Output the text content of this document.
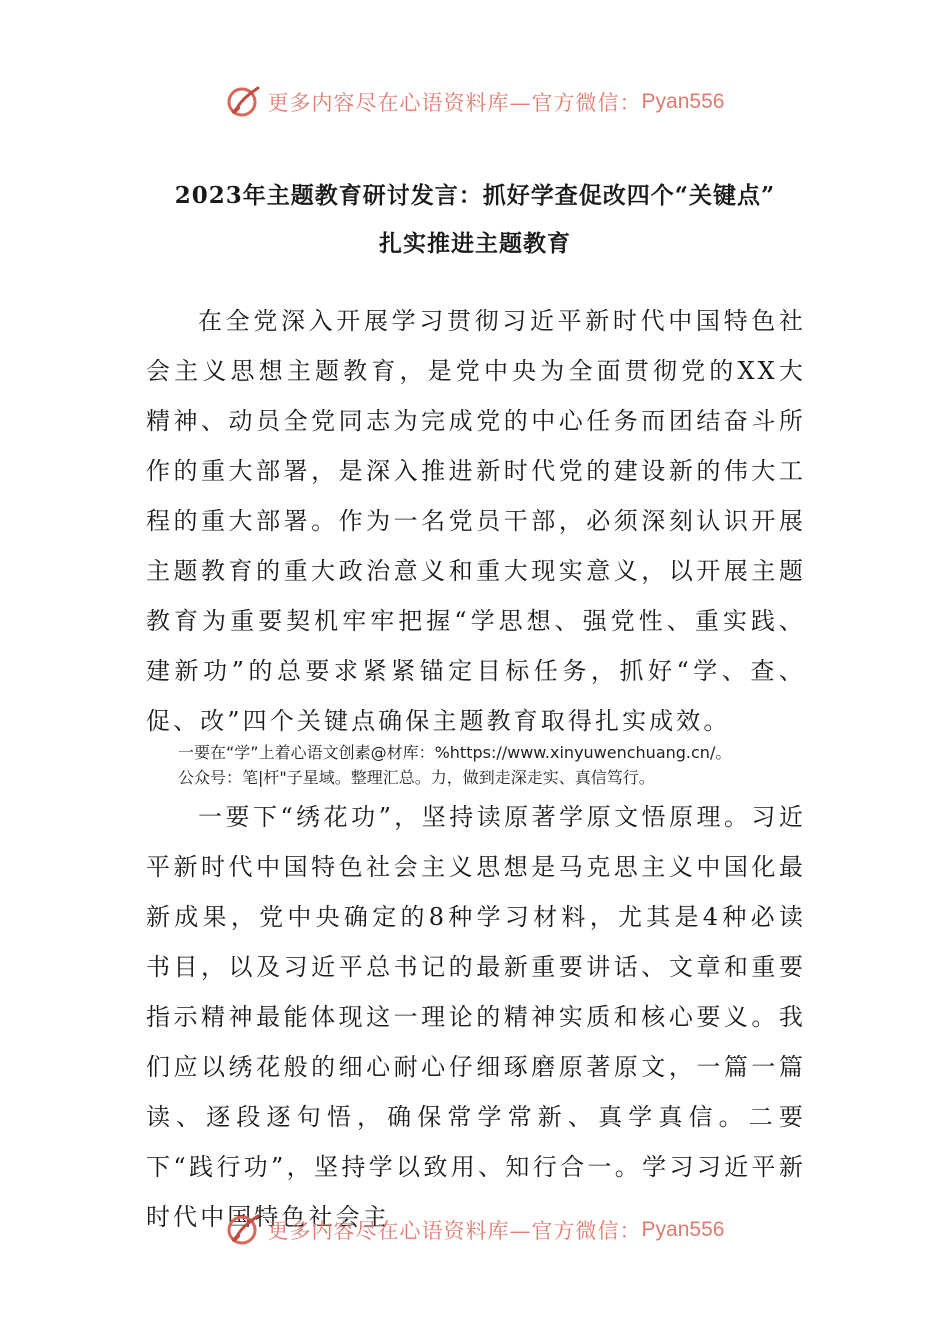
更多内容尽在心语资料库—官方微信： Pyan556
2023年主题教育研讨发言：抓好学查促改四个“关键点”
扎实推进主题教育

在全党深入开展学习贯彻习近平新时代中国特色社会主义思想主题教育，是党中央为全面贯彻党的XX大精神、动员全党同志为完成党的中心任务而团结奋斗所作的重大部署，是深入推进新时代党的建设新的伟大工程的重大部署。作为一名党员干部，必须深刻认识开展主题教育的重大政治意义和重大现实意义，以开展主题教育为重要契机牢牢把握“学思想、强党性、重实践、建新功”的总要求紧紧锚定目标任务，抓好“学、查、促、改”四个关键点确保主题教育取得扎实成效。

一要在“学”上着心语文创素@材库：%https://www.xinyuwenchuang.cn/。

公众号：笔|杆"子星域。整理汇总。力，做到走深走实、真信笃行。

一要下“绣花功”，坚持读原著学原文悟原理。习近平新时代中国特色社会主义思想是马克思主义中国化最新成果，党中央确定的8种学习材料，尤其是4种必读书目，以及习近平总书记的最新重要讲话、文章和重要指示精神最能体现这一理论的精神实质和核心要义。我们应以绣花般的细心耐心仔细琢磨原著原文，一篇一篇读、逐段逐句悟，确保常学常新、真学真信。二要下“践行功”，坚持学以致用、知行合一。学习习近平新时代中国特色社会主

更多内容尽在心语资料库—官方微信： Pyan556
